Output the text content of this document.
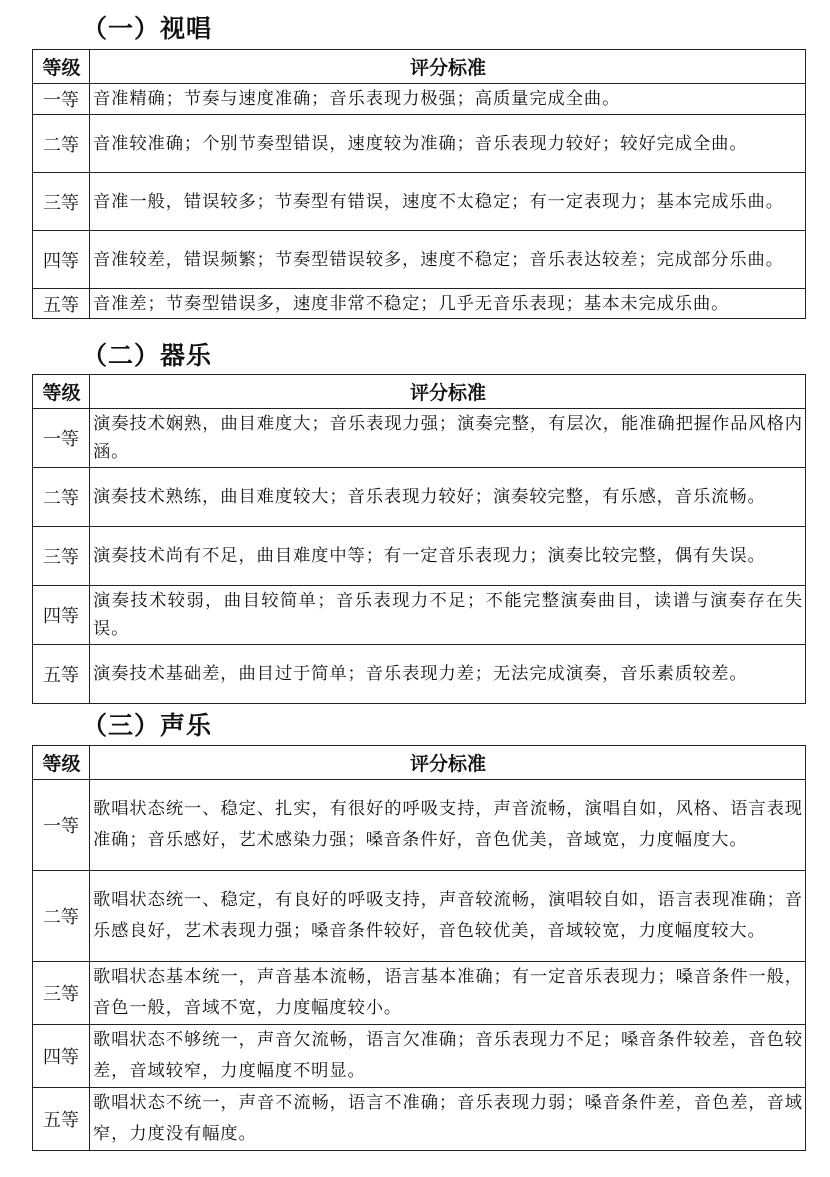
（一）视唱
等级	评分标准
一等	音准精确；节奏与速度准确；音乐表现力极强；高质量完成全曲。
二等	音准较准确；个别节奏型错误，速度较为准确；音乐表现力较好；较好完成全曲。
三等	音准一般，错误较多；节奏型有错误，速度不太稳定；有一定表现力；基本完成乐曲。
四等	音准较差，错误频繁；节奏型错误较多，速度不稳定；音乐表达较差；完成部分乐曲。
五等	音准差；节奏型错误多，速度非常不稳定；几乎无音乐表现；基本未完成乐曲。
（二）器乐
等级	评分标准
一等	演奏技术娴熟，曲目难度大；音乐表现力强；演奏完整，有层次，能准确把握作品风格内涵。
二等	演奏技术熟练，曲目难度较大；音乐表现力较好；演奏较完整，有乐感，音乐流畅。
三等	演奏技术尚有不足，曲目难度中等；有一定音乐表现力；演奏比较完整，偶有失误。
四等	演奏技术较弱，曲目较简单；音乐表现力不足；不能完整演奏曲目，读谱与演奏存在失误。
五等	演奏技术基础差，曲目过于简单；音乐表现力差；无法完成演奏，音乐素质较差。
（三）声乐
等级	评分标准
一等	歌唱状态统一、稳定、扎实，有很好的呼吸支持，声音流畅，演唱自如，风格、语言表现准确；音乐感好，艺术感染力强；嗓音条件好，音色优美，音域宽，力度幅度大。
二等	歌唱状态统一、稳定，有良好的呼吸支持，声音较流畅，演唱较自如，语言表现准确；音乐感良好，艺术表现力强；嗓音条件较好，音色较优美，音域较宽，力度幅度较大。
三等	歌唱状态基本统一，声音基本流畅，语言基本准确；有一定音乐表现力；嗓音条件一般，音色一般，音域不宽，力度幅度较小。
四等	歌唱状态不够统一，声音欠流畅，语言欠准确；音乐表现力不足；嗓音条件较差，音色较差，音域较窄，力度幅度不明显。
五等	歌唱状态不统一，声音不流畅，语言不准确；音乐表现力弱；嗓音条件差，音色差，音域窄，力度没有幅度。
